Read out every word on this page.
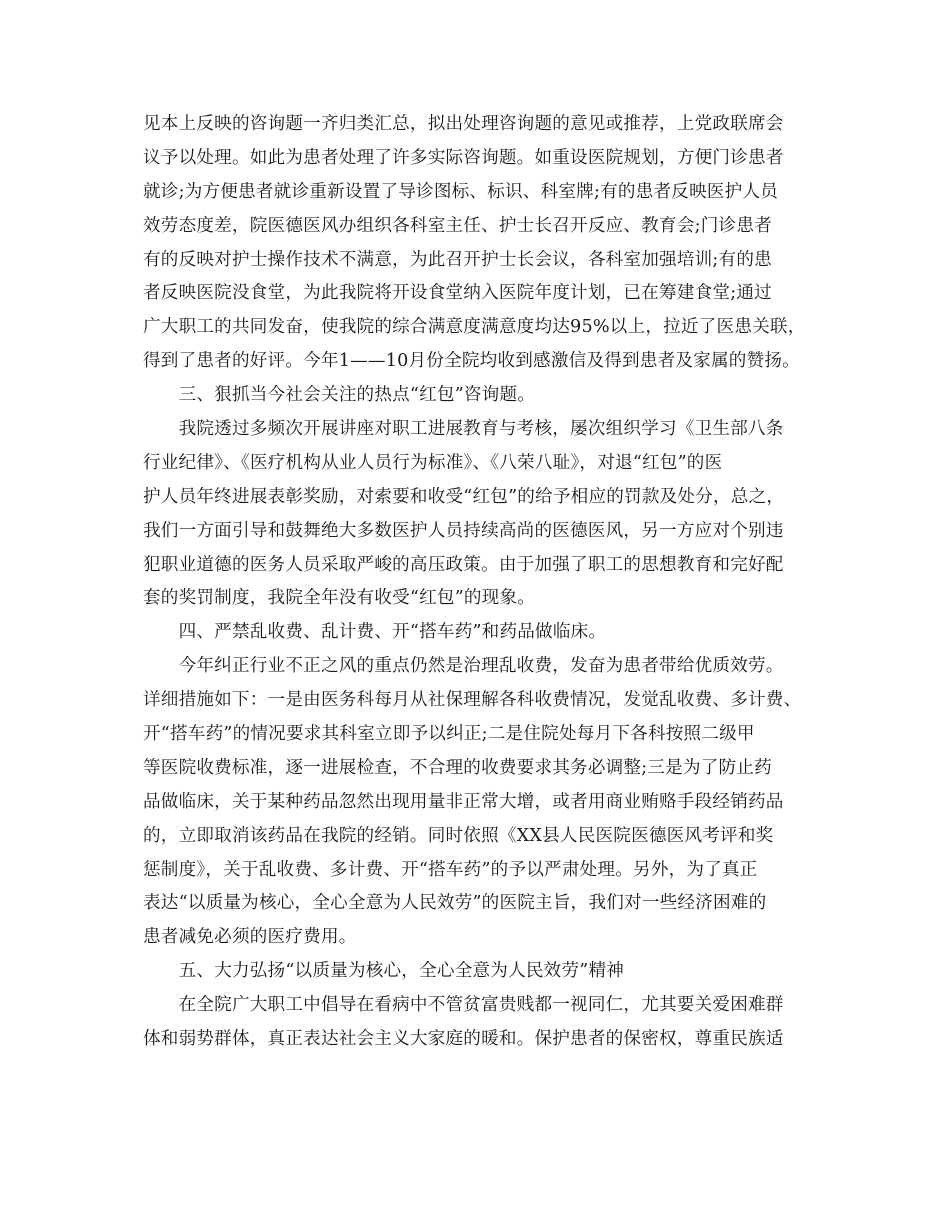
见本上反映的咨询题一齐归类汇总，拟出处理咨询题的意见或推荐，上党政联席会
议予以处理。如此为患者处理了许多实际咨询题。如重设医院规划，方便门诊患者
就诊;为方便患者就诊重新设置了导诊图标、标识、科室牌;有的患者反映医护人员
效劳态度差，院医德医风办组织各科室主任、护士长召开反应、教育会;门诊患者
有的反映对护士操作技术不满意，为此召开护士长会议，各科室加强培训;有的患
者反映医院没食堂，为此我院将开设食堂纳入医院年度计划，已在筹建食堂;通过
广大职工的共同发奋，使我院的综合满意度满意度均达95%以上，拉近了医患关联，
得到了患者的好评。今年1——10月份全院均收到感激信及得到患者及家属的赞扬。
　　三、狠抓当今社会关注的热点“红包”咨询题。
　　我院透过多频次开展讲座对职工进展教育与考核，屡次组织学习《卫生部八条
行业纪律》、《医疗机构从业人员行为标准》、《八荣八耻》，对退“红包”的医
护人员年终进展表彰奖励，对索要和收受“红包”的给予相应的罚款及处分，总之，
我们一方面引导和鼓舞绝大多数医护人员持续高尚的医德医风，另一方应对个别违
犯职业道德的医务人员采取严峻的高压政策。由于加强了职工的思想教育和完好配
套的奖罚制度，我院全年没有收受“红包”的现象。
　　四、严禁乱收费、乱计费、开“搭车药”和药品做临床。
　　今年纠正行业不正之风的重点仍然是治理乱收费，发奋为患者带给优质效劳。
详细措施如下：一是由医务科每月从社保理解各科收费情况，发觉乱收费、多计费、
开“搭车药”的情况要求其科室立即予以纠正;二是住院处每月下各科按照二级甲
等医院收费标准，逐一进展检查，不合理的收费要求其务必调整;三是为了防止药
品做临床，关于某种药品忽然出现用量非正常大增，或者用商业贿赂手段经销药品
的，立即取消该药品在我院的经销。同时依照《XX县人民医院医德医风考评和奖
惩制度》，关于乱收费、多计费、开“搭车药”的予以严肃处理。另外，为了真正
表达“以质量为核心，全心全意为人民效劳”的医院主旨，我们对一些经济困难的
患者减免必须的医疗费用。
　　五、大力弘扬“以质量为核心，全心全意为人民效劳”精神
　　在全院广大职工中倡导在看病中不管贫富贵贱都一视同仁，尤其要关爱困难群
体和弱势群体，真正表达社会主义大家庭的暖和。保护患者的保密权，尊重民族适
